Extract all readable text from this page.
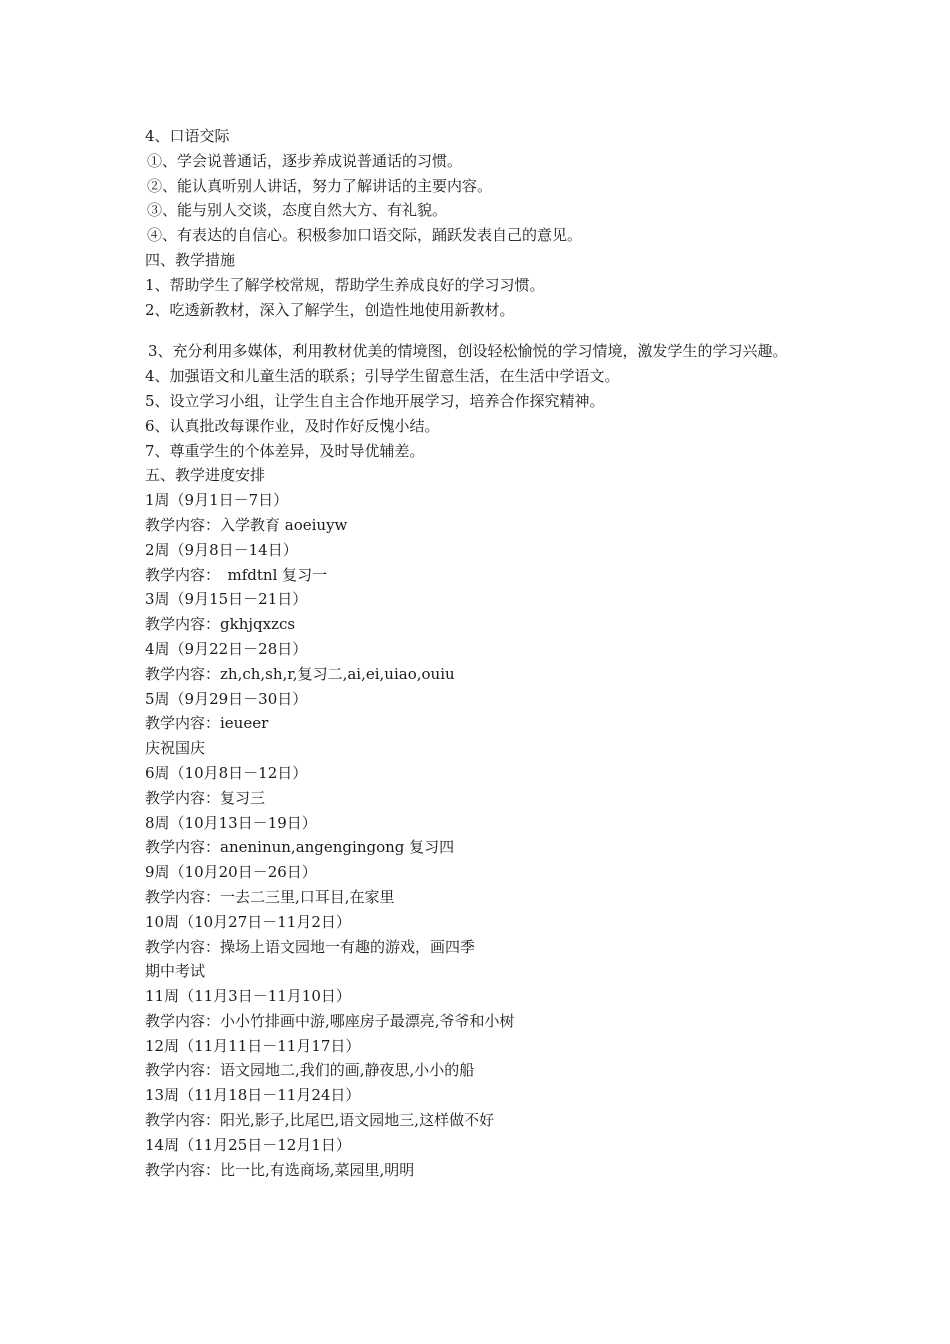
4、口语交际
①、学会说普通话，逐步养成说普通话的习惯。
②、能认真听别人讲话，努力了解讲话的主要内容。
③、能与别人交谈，态度自然大方、有礼貌。
④、有表达的自信心。积极参加口语交际，踊跃发表自己的意见。
四、教学措施
1、帮助学生了解学校常规，帮助学生养成良好的学习习惯。
2、吃透新教材，深入了解学生，创造性地使用新教材。
3、充分利用多媒体，利用教材优美的情境图，创设轻松愉悦的学习情境，激发学生的学习兴趣。
4、加强语文和儿童生活的联系；引导学生留意生活，在生活中学语文。
5、设立学习小组，让学生自主合作地开展学习，培养合作探究精神。
6、认真批改每课作业，及时作好反愧小结。
7、尊重学生的个体差异，及时导优辅差。
五、教学进度安排
1周（9月1日－7日）
教学内容：入学教育 aoeiuyw
2周（9月8日－14日）
教学内容：　mfdtnl 复习一
3周（9月15日－21日）
教学内容：gkhjqxzcs
4周（9月22日－28日）
教学内容：zh,ch,sh,r,复习二,ai,ei,uiao,ouiu
5周（9月29日－30日）
教学内容：ieueer
庆祝国庆
6周（10月8日－12日）
教学内容：复习三
8周（10月13日－19日）
教学内容：aneninun,angengingong 复习四
9周（10月20日－26日）
教学内容：一去二三里,口耳目,在家里
10周（10月27日－11月2日）
教学内容：操场上语文园地一有趣的游戏，画四季
期中考试
11周（11月3日－11月10日）
教学内容：小小竹排画中游,哪座房子最漂亮,爷爷和小树
12周（11月11日－11月17日）
教学内容：语文园地二,我们的画,静夜思,小小的船
13周（11月18日－11月24日）
教学内容：阳光,影子,比尾巴,语文园地三,这样做不好
14周（11月25日－12月1日）
教学内容：比一比,有选商场,菜园里,明明
